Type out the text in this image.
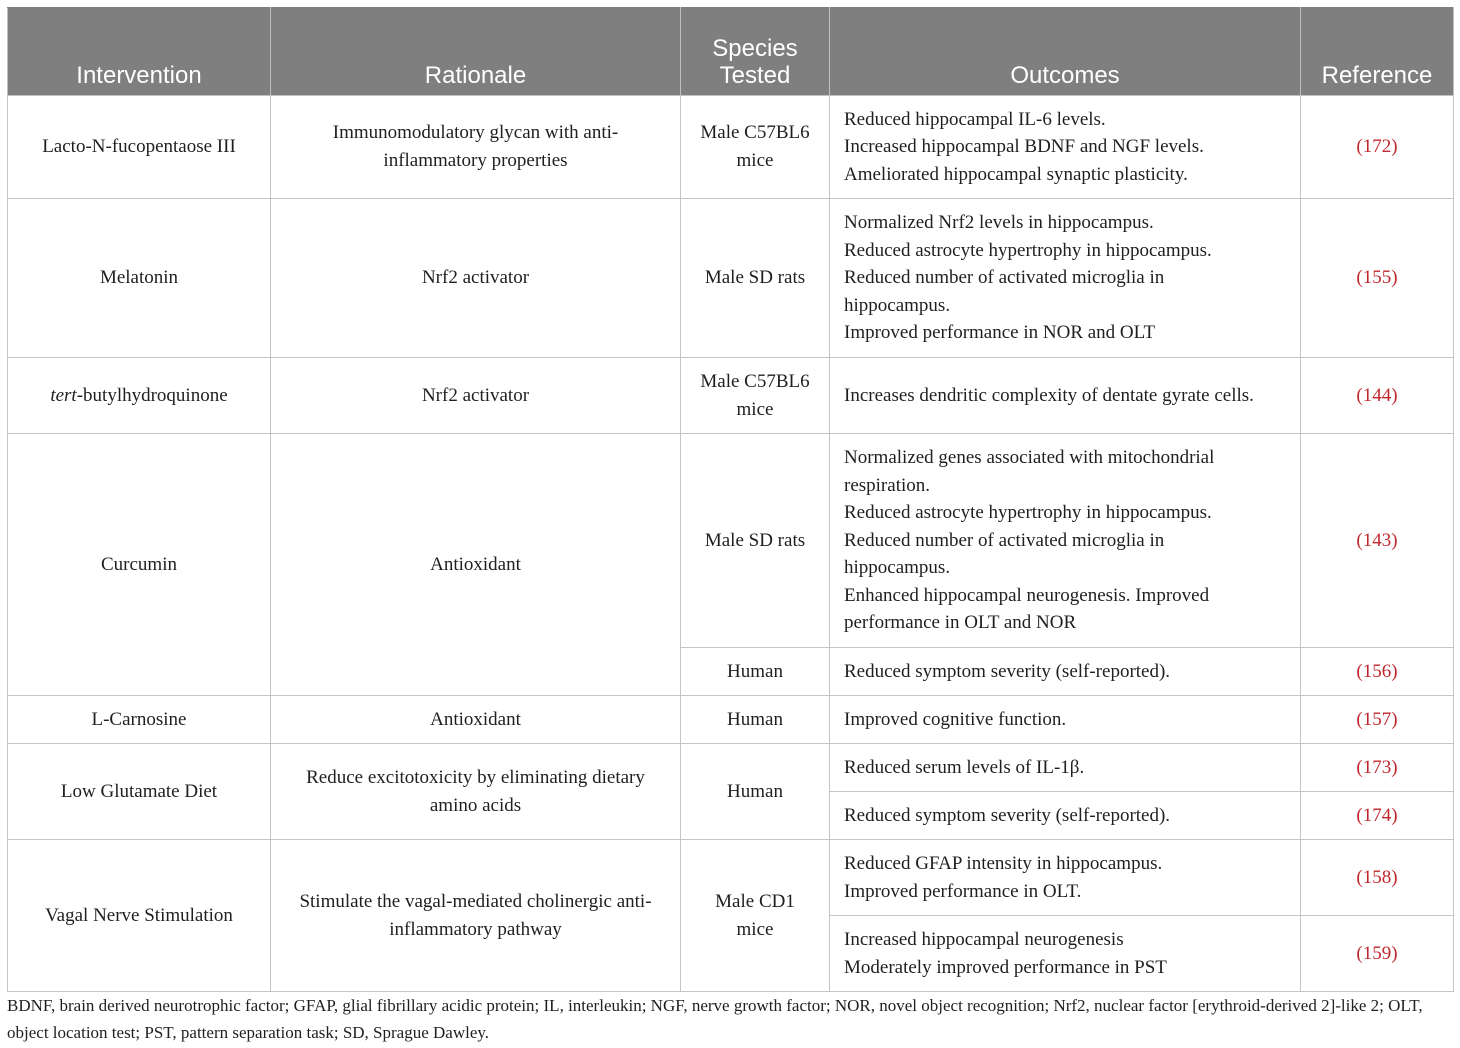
Intervention	Rationale	Species Tested	Outcomes	Reference
Lacto-N-fucopentaose III	Immunomodulatory glycan with anti-inflammatory properties	Male C57BL6 mice	Reduced hippocampal IL-6 levels.
Increased hippocampal BDNF and NGF levels.
Ameliorated hippocampal synaptic plasticity.	(172)
Melatonin	Nrf2 activator	Male SD rats	Normalized Nrf2 levels in hippocampus.
Reduced astrocyte hypertrophy in hippocampus.
Reduced number of activated microglia in hippocampus.
Improved performance in NOR and OLT	(155)
tert-butylhydroquinone	Nrf2 activator	Male C57BL6 mice	Increases dendritic complexity of dentate gyrate cells.	(144)
Curcumin	Antioxidant	Male SD rats	Normalized genes associated with mitochondrial respiration.
Reduced astrocyte hypertrophy in hippocampus.
Reduced number of activated microglia in hippocampus.
Enhanced hippocampal neurogenesis. Improved performance in OLT and NOR	(143)
		Human	Reduced symptom severity (self-reported).	(156)
L-Carnosine	Antioxidant	Human	Improved cognitive function.	(157)
Low Glutamate Diet	Reduce excitotoxicity by eliminating dietary amino acids	Human	Reduced serum levels of IL-1β.	(173)

			Reduced symptom severity (self-reported).	(174)
Vagal Nerve Stimulation	Stimulate the vagal-mediated cholinergic anti-inflammatory pathway	Male CD1 mice	Reduced GFAP intensity in hippocampus.
Improved performance in OLT.	(158)

			Increased hippocampal neurogenesis
Moderately improved performance in PST	(159)
BDNF, brain derived neurotrophic factor; GFAP, glial fibrillary acidic protein; IL, interleukin; NGF, nerve growth factor; NOR, novel object recognition; Nrf2, nuclear factor [erythroid-derived 2]-like 2; OLT, object location test; PST, pattern separation task; SD, Sprague Dawley.
